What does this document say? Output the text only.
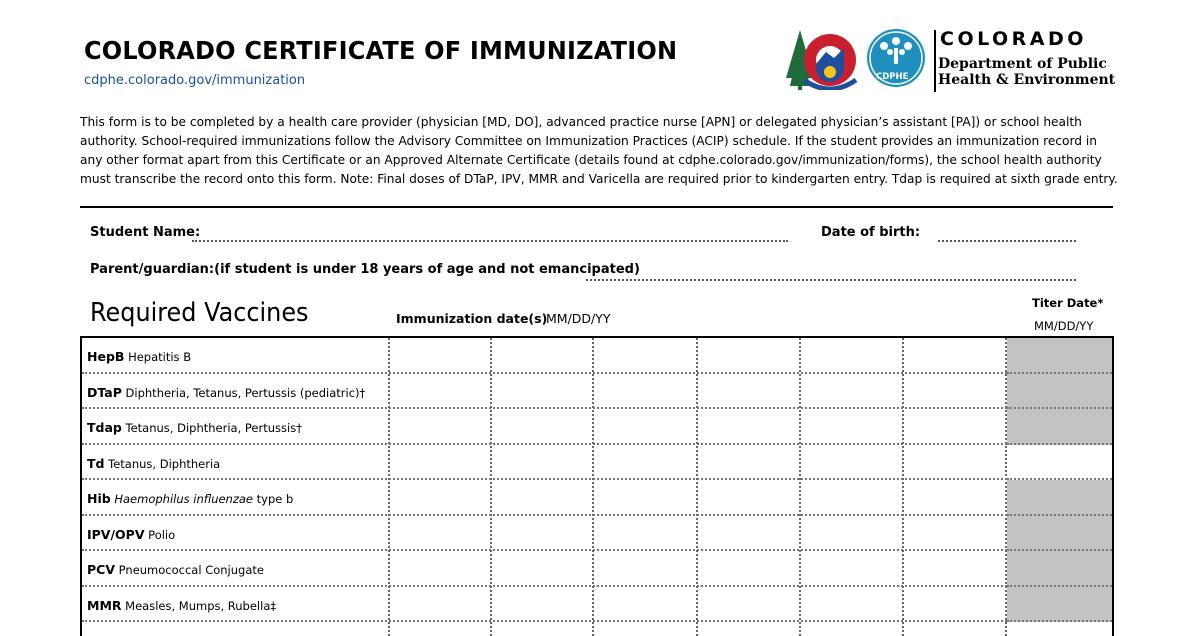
COLORADO CERTIFICATE OF IMMUNIZATION
cdphe.colorado.gov/immunization	CDPHE
COLORADO
Department of Public
Health & Environment
This form is to be completed by a health care provider (physician [MD, DO], advanced practice nurse [APN] or delegated physician’s assistant [PA]) or school health authority. School-required immunizations follow the Advisory Committee on Immunization Practices (ACIP) schedule. If the student provides an immunization record in any other format apart from this Certificate or an Approved Alternate Certificate (details found at cdphe.colorado.gov/immunization/forms), the school health authority must transcribe the record onto this form. Note: Final doses of DTaP, IPV, MMR and Varicella are required prior to kindergarten entry. Tdap is required at sixth grade entry.
Student Name:	Date of birth:
Parent/guardian:(if student is under 18 years of age and not emancipated)
Required Vaccines	Immunization date(s)
MM/DD/YY
Titer Date*
MM/DD/YY
HepB Hepatitis B
DTaP Diphtheria, Tetanus, Pertussis (pediatric)†
Tdap Tetanus, Diphtheria, Pertussis†
Td Tetanus, Diphtheria
Hib Haemophilus influenzae type b
IPV/OPV Polio
PCV Pneumococcal Conjugate
MMR Measles, Mumps, Rubella‡
